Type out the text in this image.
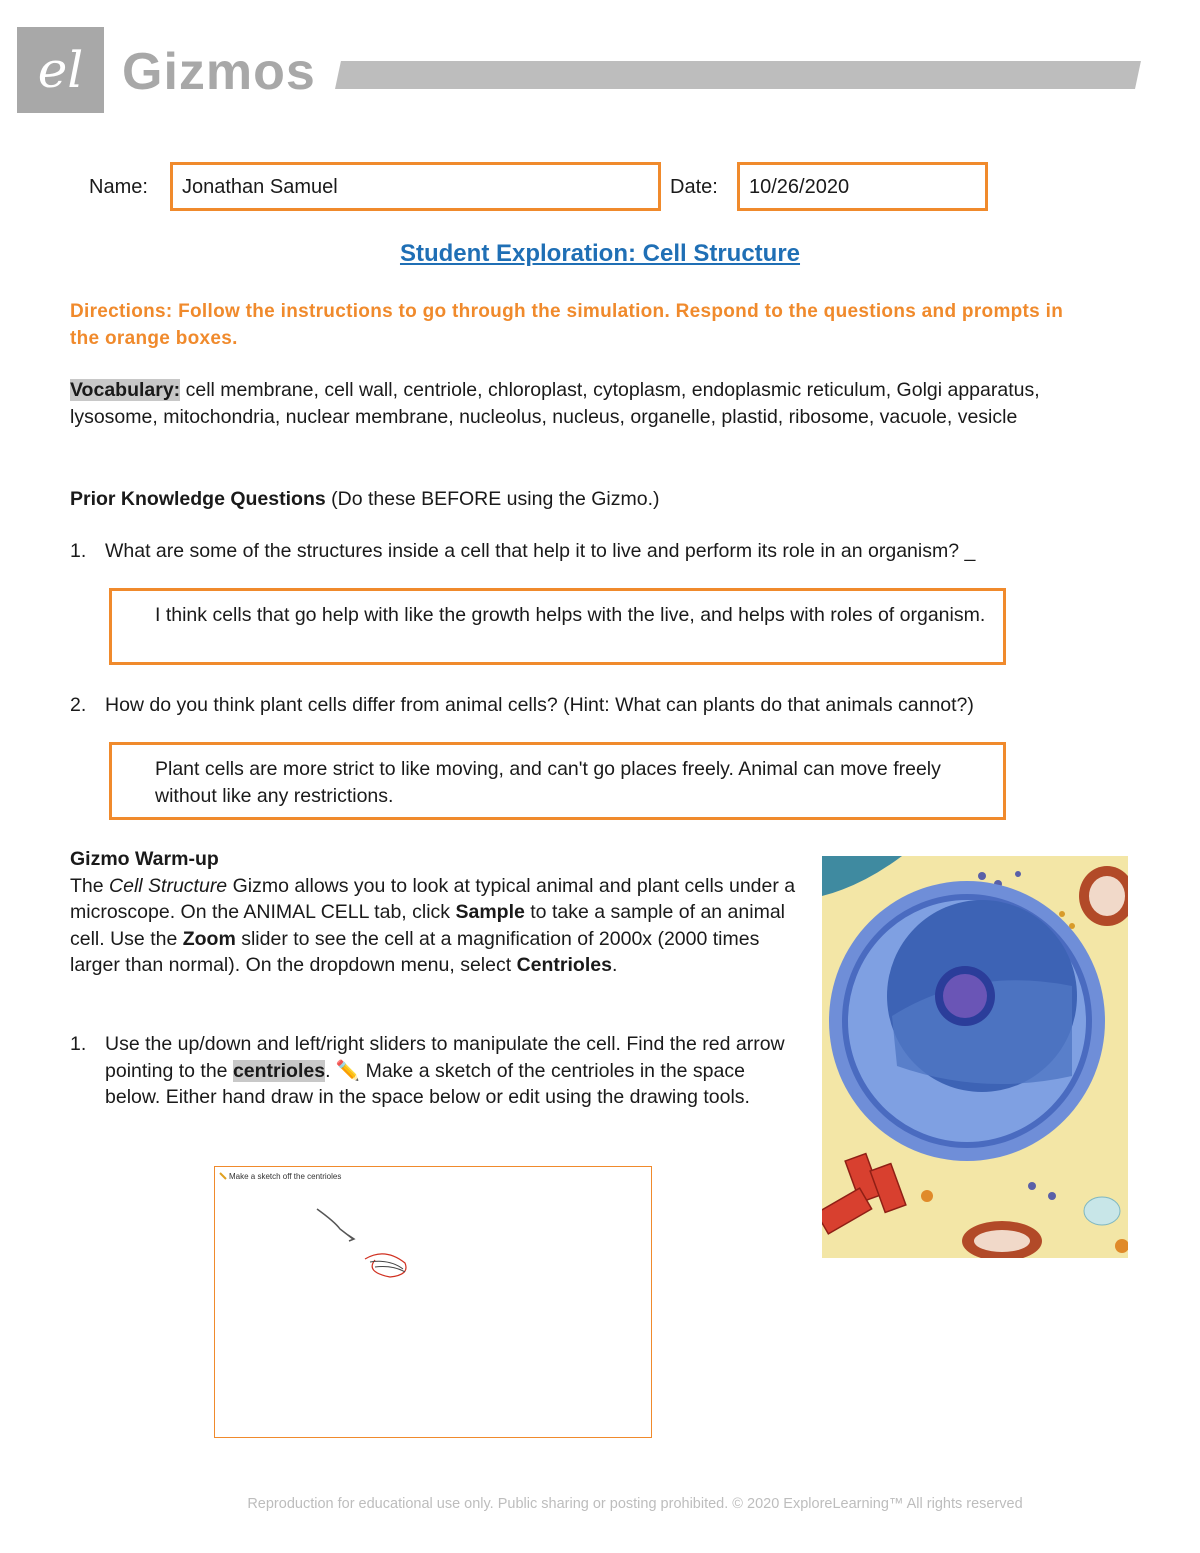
el Gizmos
Name:	Jonathan Samuel	Date:	10/26/2020
Student Exploration: Cell Structure
Directions: Follow the instructions to go through the simulation. Respond to the questions and prompts in the orange boxes.
Vocabulary: cell membrane, cell wall, centriole, chloroplast, cytoplasm, endoplasmic reticulum, Golgi apparatus, lysosome, mitochondria, nuclear membrane, nucleolus, nucleus, organelle, plastid, ribosome, vacuole, vesicle
Prior Knowledge Questions (Do these BEFORE using the Gizmo.)
1. What are some of the structures inside a cell that help it to live and perform its role in an organism? _
I think cells that go help with like the growth helps with the live, and helps with roles of organism.
2. How do you think plant cells differ from animal cells? (Hint: What can plants do that animals cannot?)
Plant cells are more strict to like moving, and can't go places freely. Animal can move freely without like any restrictions.
Gizmo Warm-up
The Cell Structure Gizmo allows you to look at typical animal and plant cells under a microscope. On the ANIMAL CELL tab, click Sample to take a sample of an animal cell. Use the Zoom slider to see the cell at a magnification of 2000x (2000 times larger than normal). On the dropdown menu, select Centrioles.
1. Use the up/down and left/right sliders to manipulate the cell. Find the red arrow pointing to the centrioles. ✏️ Make a sketch of the centrioles in the space below. Either hand draw in the space below or edit using the drawing tools.
Make a sketch off the centrioles
Reproduction for educational use only. Public sharing or posting prohibited. © 2020 ExploreLearning™ All rights reserved
